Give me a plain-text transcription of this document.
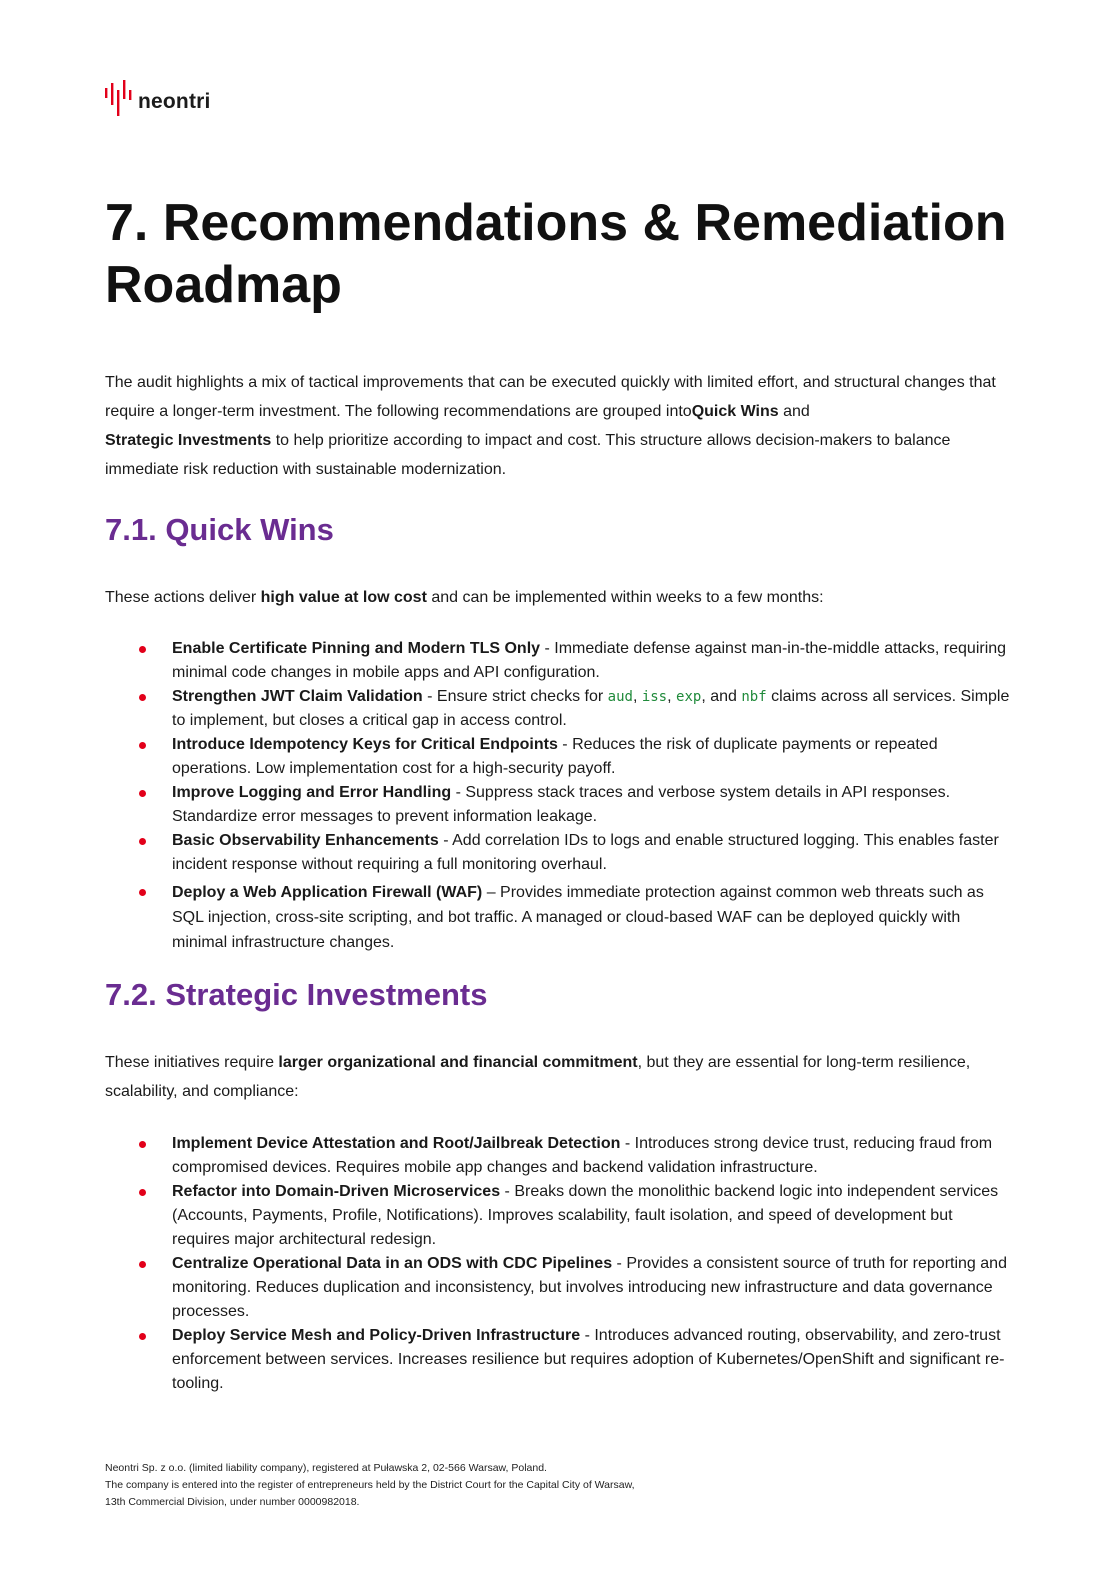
neontri
7. Recommendations & Remediation Roadmap

The audit highlights a mix of tactical improvements that can be executed quickly with limited effort, and structural changes that require a longer-term investment. The following recommendations are grouped intoQuick Wins and
Strategic Investments to help prioritize according to impact and cost. This structure allows decision-makers to balance immediate risk reduction with sustainable modernization.

7.1. Quick Wins

These actions deliver high value at low cost and can be implemented within weeks to a few months:

Enable Certificate Pinning and Modern TLS Only - Immediate defense against man-in-the-middle attacks, requiring minimal code changes in mobile apps and API configuration.
Strengthen JWT Claim Validation - Ensure strict checks for aud, iss, exp, and nbf claims across all services. Simple to implement, but closes a critical gap in access control.
Introduce Idempotency Keys for Critical Endpoints - Reduces the risk of duplicate payments or repeated operations. Low implementation cost for a high-security payoff.
Improve Logging and Error Handling - Suppress stack traces and verbose system details in API responses. Standardize error messages to prevent information leakage.
Basic Observability Enhancements - Add correlation IDs to logs and enable structured logging. This enables faster incident response without requiring a full monitoring overhaul.
Deploy a Web Application Firewall (WAF) – Provides immediate protection against common web threats such as SQL injection, cross-site scripting, and bot traffic. A managed or cloud-based WAF can be deployed quickly with minimal infrastructure changes.
7.2. Strategic Investments

These initiatives require larger organizational and financial commitment, but they are essential for long-term resilience, scalability, and compliance:

Implement Device Attestation and Root/Jailbreak Detection - Introduces strong device trust, reducing fraud from compromised devices. Requires mobile app changes and backend validation infrastructure.
Refactor into Domain-Driven Microservices - Breaks down the monolithic backend logic into independent services (Accounts, Payments, Profile, Notifications). Improves scalability, fault isolation, and speed of development but requires major architectural redesign.
Centralize Operational Data in an ODS with CDC Pipelines - Provides a consistent source of truth for reporting and monitoring. Reduces duplication and inconsistency, but involves introducing new infrastructure and data governance processes.
Deploy Service Mesh and Policy-Driven Infrastructure - Introduces advanced routing, observability, and zero-trust enforcement between services. Increases resilience but requires adoption of Kubernetes/OpenShift and significant re-tooling.
Neontri Sp. z o.o. (limited liability company), registered at Puławska 2, 02-566 Warsaw, Poland.
The company is entered into the register of entrepreneurs held by the District Court for the Capital City of Warsaw,
13th Commercial Division, under number 0000982018.
